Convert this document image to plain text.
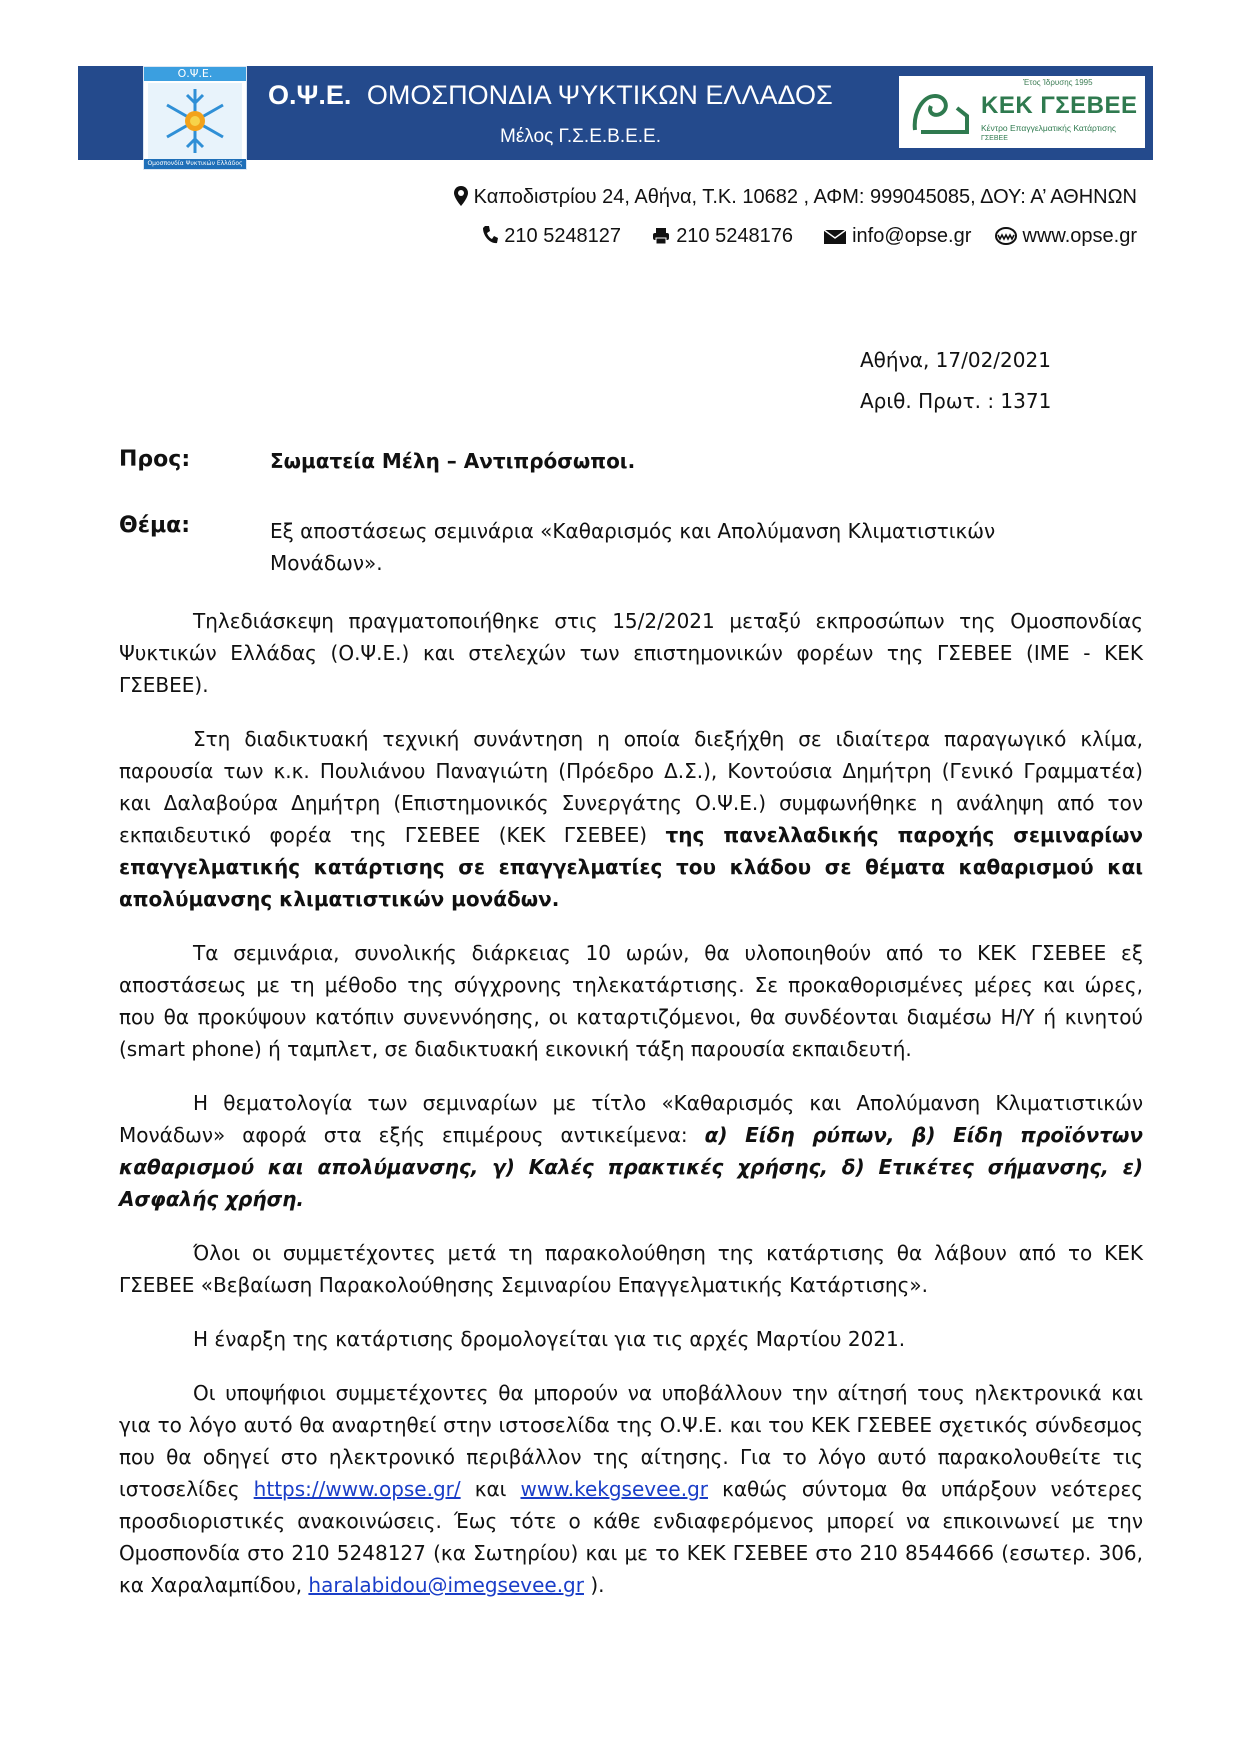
Ο.Ψ.Ε.
Ομοσπονδία Ψυκτικών Ελλάδος
Ο.Ψ.Ε. ΟΜΟΣΠΟΝΔΙΑ ΨΥΚΤΙΚΩΝ ΕΛΛΑΔΟΣ
Μέλος Γ.Σ.Ε.Β.Ε.Ε.
Έτος Ίδρυσης 1995
ΚΕΚ ΓΣΕΒΕΕ
Κέντρο Επαγγελματικής Κατάρτισης
ΓΣΕΒΕΕ
Καποδιστρίου 24, Αθήνα, Τ.Κ. 10682 , ΑΦΜ: 999045085, ΔΟΥ: Α’ ΑΘΗΝΩΝ
210 5248127	210 5248176	info@opse.gr	www.opse.gr
Αθήνα, 17/02/2021
Αριθ. Πρωτ. : 1371
Προς:	Σωματεία Μέλη – Αντιπρόσωποι.
Θέμα:	Εξ αποστάσεως σεμινάρια «Καθαρισμός και Απολύμανση Κλιματιστικών Μονάδων».

Τηλεδιάσκεψη πραγματοποιήθηκε στις 15/2/2021 μεταξύ εκπροσώπων της Ομοσπονδίας Ψυκτικών Ελλάδας (Ο.Ψ.Ε.) και στελεχών των επιστημονικών φορέων της ΓΣΕΒΕΕ (ΙΜΕ - ΚΕΚ ΓΣΕΒΕΕ).

Στη διαδικτυακή τεχνική συνάντηση η οποία διεξήχθη σε ιδιαίτερα παραγωγικό κλίμα, παρουσία των κ.κ. Πουλιάνου Παναγιώτη (Πρόεδρο Δ.Σ.), Κοντούσια Δημήτρη (Γενικό Γραμματέα) και Δαλαβούρα Δημήτρη (Επιστημονικός Συνεργάτης Ο.Ψ.Ε.) συμφωνήθηκε η ανάληψη από τον εκπαιδευτικό φορέα της ΓΣΕΒΕΕ (ΚΕΚ ΓΣΕΒΕΕ) της πανελλαδικής παροχής σεμιναρίων επαγγελματικής κατάρτισης σε επαγγελματίες του κλάδου σε θέματα καθαρισμού και απολύμανσης κλιματιστικών μονάδων.

Τα σεμινάρια, συνολικής διάρκειας 10 ωρών, θα υλοποιηθούν από το ΚΕΚ ΓΣΕΒΕΕ εξ αποστάσεως με τη μέθοδο της σύγχρονης τηλεκατάρτισης. Σε προκαθορισμένες μέρες και ώρες, που θα προκύψουν κατόπιν συνεννόησης, οι καταρτιζόμενοι, θα συνδέονται διαμέσω Η/Υ ή κινητού (smart phone) ή ταμπλετ, σε διαδικτυακή εικονική τάξη παρουσία εκπαιδευτή.

Η θεματολογία των σεμιναρίων με τίτλο «Καθαρισμός και Απολύμανση Κλιματιστικών Μονάδων» αφορά στα εξής επιμέρους αντικείμενα: α) Είδη ρύπων, β) Είδη προϊόντων καθαρισμού και απολύμανσης, γ) Καλές πρακτικές χρήσης, δ) Ετικέτες σήμανσης, ε) Ασφαλής χρήση.

Όλοι οι συμμετέχοντες μετά τη παρακολούθηση της κατάρτισης θα λάβουν από το ΚΕΚ ΓΣΕΒΕΕ «Βεβαίωση Παρακολούθησης Σεμιναρίου Επαγγελματικής Κατάρτισης».

Η έναρξη της κατάρτισης δρομολογείται για τις αρχές Μαρτίου 2021.

Οι υποψήφιοι συμμετέχοντες θα μπορούν να υποβάλλουν την αίτησή τους ηλεκτρονικά και για το λόγο αυτό θα αναρτηθεί στην ιστοσελίδα της Ο.Ψ.Ε. και του ΚΕΚ ΓΣΕΒΕΕ σχετικός σύνδεσμος που θα οδηγεί στο ηλεκτρονικό περιβάλλον της αίτησης. Για το λόγο αυτό παρακολουθείτε τις ιστοσελίδες https://www.opse.gr/ και www.kekgsevee.gr καθώς σύντομα θα υπάρξουν νεότερες προσδιοριστικές ανακοινώσεις. Έως τότε ο κάθε ενδιαφερόμενος μπορεί να επικοινωνεί με την Ομοσπονδία στο 210 5248127 (κα Σωτηρίου) και με το ΚΕΚ ΓΣΕΒΕΕ στο 210 8544666 (εσωτερ. 306, κα Χαραλαμπίδου, haralabidou@imegsevee.gr ).
